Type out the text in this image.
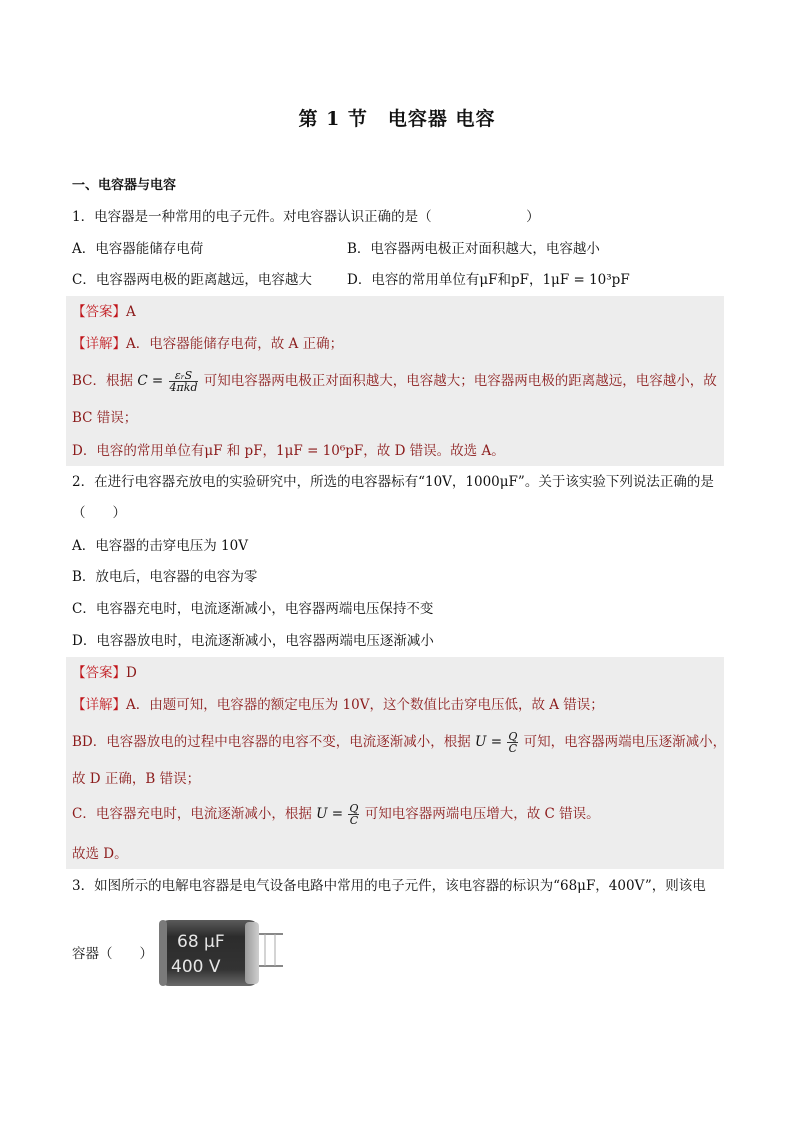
第 1 节　电容器 电容
一、电容器与电容
1．电容器是一种常用的电子元件。对电容器认识正确的是（　　　　　　　）
A．电容器能储存电荷	B．电容器两电极正对面积越大，电容越小
C．电容器两电极的距离越远，电容越大	D．电容的常用单位有μF和pF，1μF = 10³pF
【答案】A
【详解】A．电容器能储存电荷，故 A 正确；
BC．根据 $C = \frac{\text{εᵣS}}{\text{4πkd}}$ 可知电容器两电极正对面积越大，电容越大；电容器两电极的距离越远，电容越小，故
BC 错误；
D．电容的常用单位有μF 和 pF，1μF = 10⁶pF，故 D 错误。故选 A。
2．在进行电容器充放电的实验研究中，所选的电容器标有“10V，1000μF”。关于该实验下列说法正确的是
（　　）
A．电容器的击穿电压为 10V
B．放电后，电容器的电容为零
C．电容器充电时，电流逐渐减小，电容器两端电压保持不变
D．电容器放电时，电流逐渐减小，电容器两端电压逐渐减小
【答案】D
【详解】A．由题可知，电容器的额定电压为 10V，这个数值比击穿电压低，故 A 错误；
BD．电容器放电的过程中电容器的电容不变，电流逐渐减小，根据 $U = \frac{Q}{C}$ 可知，电容器两端电压逐渐减小，
故 D 正确，B 错误；
C．电容器充电时，电流逐渐减小，根据 $U = \frac{Q}{C}$ 可知电容器两端电压增大，故 C 错误。
故选 D。
3．如图所示的电解电容器是电气设备电路中常用的电子元件，该电容器的标识为“68μF，400V”，则该电
容器（　　）
68 μF
400 V
